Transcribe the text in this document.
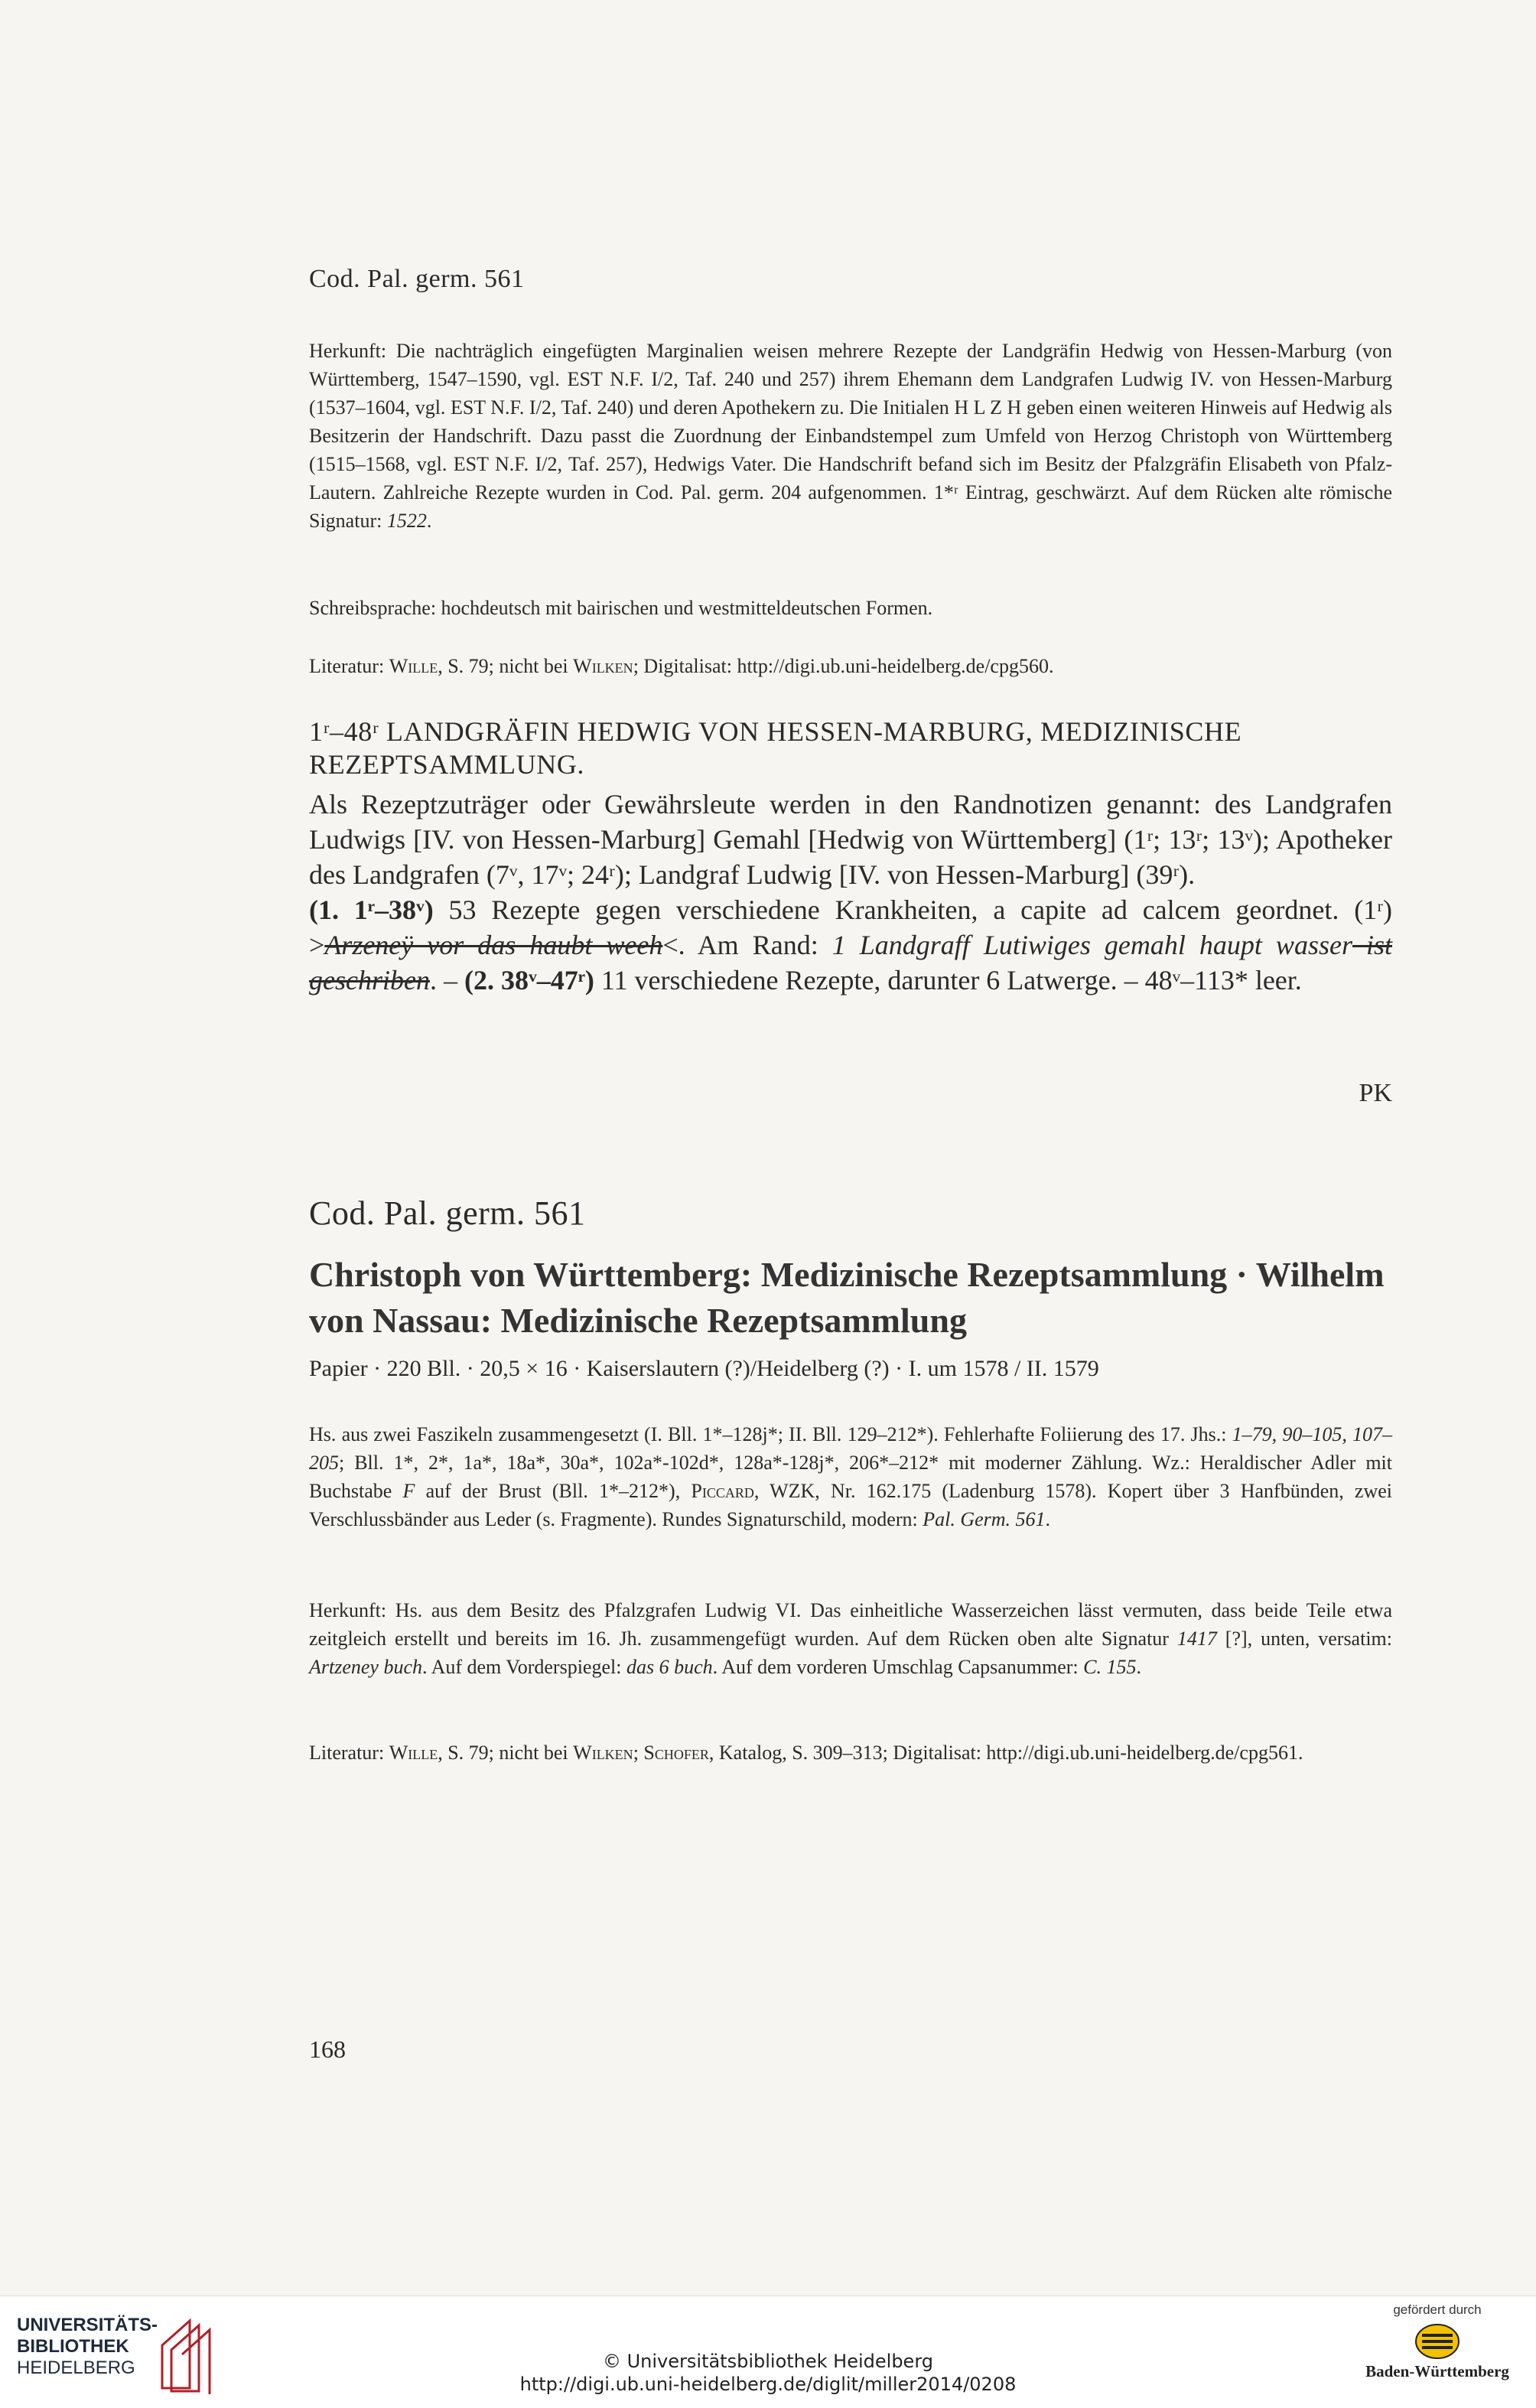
Cod. Pal. germ. 561
Herkunft: Die nachträglich eingefügten Marginalien weisen mehrere Rezepte der Landgräfin Hedwig von Hessen-Marburg (von Württemberg, 1547–1590, vgl. EST N.F. I/2, Taf. 240 und 257) ihrem Ehemann dem Landgrafen Ludwig IV. von Hessen-Marburg (1537–1604, vgl. EST N.F. I/2, Taf. 240) und deren Apothekern zu. Die Initialen H L Z H geben einen weiteren Hinweis auf Hedwig als Besitzerin der Handschrift. Dazu passt die Zuordnung der Einbandstempel zum Umfeld von Herzog Christoph von Württemberg (1515–1568, vgl. EST N.F. I/2, Taf. 257), Hedwigs Vater. Die Handschrift befand sich im Besitz der Pfalzgräfin Elisabeth von Pfalz-Lautern. Zahlreiche Rezepte wurden in Cod. Pal. germ. 204 aufgenommen. 1*ʳ Eintrag, geschwärzt. Auf dem Rücken alte römische Signatur: 1522.
Schreibsprache: hochdeutsch mit bairischen und westmitteldeutschen Formen.
Literatur: Wille, S. 79; nicht bei Wilken; Digitalisat: http://digi.ub.uni-heidelberg.de/cpg560.
1ʳ–48ʳ LANDGRÄFIN HEDWIG VON HESSEN-MARBURG, MEDIZINISCHE REZEPTSAMMLUNG.

Als Rezeptzuträger oder Gewährsleute werden in den Randnotizen genannt: des Landgrafen Ludwigs [IV. von Hessen-Marburg] Gemahl [Hedwig von Württemberg] (1ʳ; 13ʳ; 13ᵛ); Apotheker des Landgrafen (7ᵛ, 17ᵛ; 24ʳ); Landgraf Ludwig [IV. von Hessen-Marburg] (39ʳ).

(1. 1ʳ–38ᵛ) 53 Rezepte gegen verschiedene Krankheiten, a capite ad calcem geordnet. (1ʳ) >Arzeneÿ vor das haubt weeh<. Am Rand: 1 Landgraff Lutiwiges gemahl haupt wasser ist geschriben. – (2. 38ᵛ–47ʳ) 11 verschiedene Rezepte, darunter 6 Latwerge. – 48ᵛ–113* leer.

PK
Cod. Pal. germ. 561
Christoph von Württemberg: Medizinische Rezeptsammlung · Wilhelm von Nassau: Medizinische Rezeptsammlung
Papier · 220 Bll. · 20,5 × 16 · Kaiserslautern (?)/Heidelberg (?) · I. um 1578 / II. 1579
Hs. aus zwei Faszikeln zusammengesetzt (I. Bll. 1*–128j*; II. Bll. 129–212*). Fehlerhafte Foliierung des 17. Jhs.: 1–79, 90–105, 107–205; Bll. 1*, 2*, 1a*, 18a*, 30a*, 102a*-102d*, 128a*-128j*, 206*–212* mit moderner Zählung. Wz.: Heraldischer Adler mit Buchstabe F auf der Brust (Bll. 1*–212*), Piccard, WZK, Nr. 162.175 (Ladenburg 1578). Kopert über 3 Hanfbünden, zwei Verschlussbänder aus Leder (s. Fragmente). Rundes Signaturschild, modern: Pal. Germ. 561.
Herkunft: Hs. aus dem Besitz des Pfalzgrafen Ludwig VI. Das einheitliche Wasserzeichen lässt vermuten, dass beide Teile etwa zeitgleich erstellt und bereits im 16. Jh. zusammengefügt wurden. Auf dem Rücken oben alte Signatur 1417 [?], unten, versatim: Artzeney buch. Auf dem Vorderspiegel: das 6 buch. Auf dem vorderen Umschlag Capsanummer: C. 155.
Literatur: Wille, S. 79; nicht bei Wilken; Schofer, Katalog, S. 309–313; Digitalisat: http://digi.ub.uni-heidelberg.de/cpg561.
168
UNIVERSITÄTS-
BIBLIOTHEK
HEIDELBERG	© Universitätsbibliothek Heidelberg
http://digi.ub.uni-heidelberg.de/diglit/miller2014/0208
gefördert durch
Baden-Württemberg
